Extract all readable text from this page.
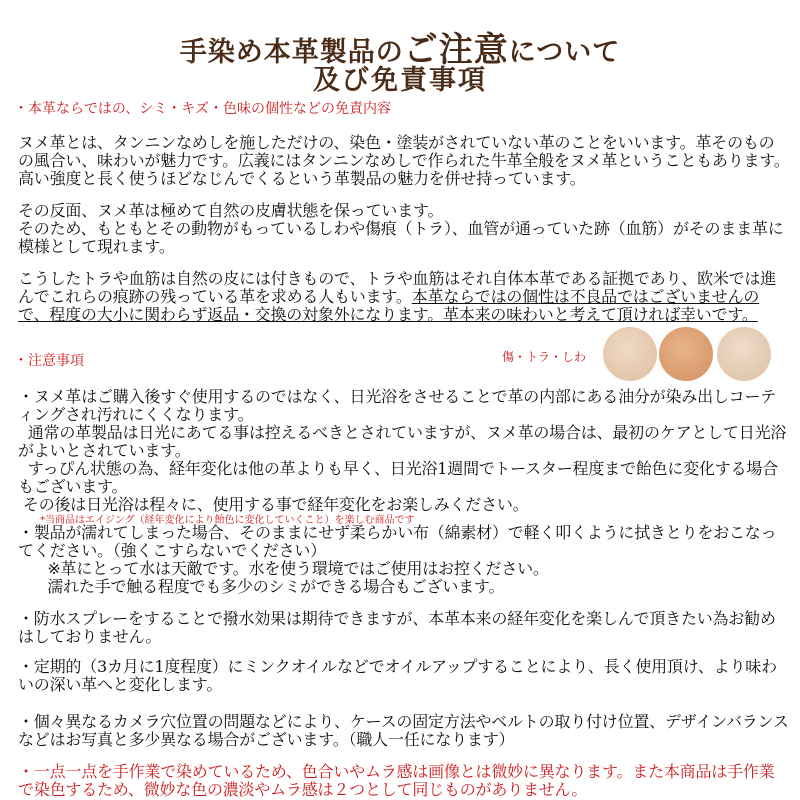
手染め本革製品のご注意について
及び免責事項
・本革ならではの、シミ・キズ・色味の個性などの免責内容

ヌメ革とは、タンニンなめしを施しただけの、染色・塗装がされていない革のことをいいます。革そのものの風合い、味わいが魅力です。広義にはタンニンなめしで作られた牛革全般をヌメ革ということもあります。高い強度と長く使うほどなじんでくるという革製品の魅力を併せ持っています。

その反面、ヌメ革は極めて自然の皮膚状態を保っています。
そのため、もともとその動物がもっているしわや傷痕（トラ）、血管が通っていた跡（血筋）がそのまま革に模様として現れます。

こうしたトラや血筋は自然の皮には付きもので、トラや血筋はそれ自体本革である証拠であり、欧米では進んでこれらの痕跡の残っている革を求める人もいます。本革ならではの個性は不良品ではございませんので、程度の大小に関わらず返品・交換の対象外になります。革本来の味わいと考えて頂ければ幸いです。

・注意事項	傷・トラ・しわ

・ヌメ革はご購入後すぐ使用するのではなく、日光浴をさせることで革の内部にある油分が染み出しコーティングされ汚れにくくなります。
通常の革製品は日光にあてる事は控えるべきとされていますが、ヌメ革の場合は、最初のケアとして日光浴がよいとされています。
すっぴん状態の為、経年変化は他の革よりも早く、日光浴1週間でトースター程度まで飴色に変化する場合もございます。
その後は日光浴は程々に、使用する事で経年変化をお楽しみください。

*当商品はエイジング（経年変化により飴色に変化していくこと）を楽しむ商品です

・製品が濡れてしまった場合、そのままにせず柔らかい布（綿素材）で軽く叩くように拭きとりをおこなってください。（強くこすらないでください）
※革にとって水は天敵です。水を使う環境ではご使用はお控ください。
濡れた手で触る程度でも多少のシミができる場合もございます。

・防水スプレーをすることで撥水効果は期待できますが、本革本来の経年変化を楽しんで頂きたい為お勧めはしておりません。

・定期的（3カ月に1度程度）にミンクオイルなどでオイルアップすることにより、長く使用頂け、より味わいの深い革へと変化します。

・個々異なるカメラ穴位置の問題などにより、ケースの固定方法やベルトの取り付け位置、デザインバランスなどはお写真と多少異なる場合がございます。（職人一任になります）

・一点一点を手作業で染めているため、色合いやムラ感は画像とは微妙に異なります。また本商品は手作業で染色するため、微妙な色の濃淡やムラ感は２つとして同じものがありません。
